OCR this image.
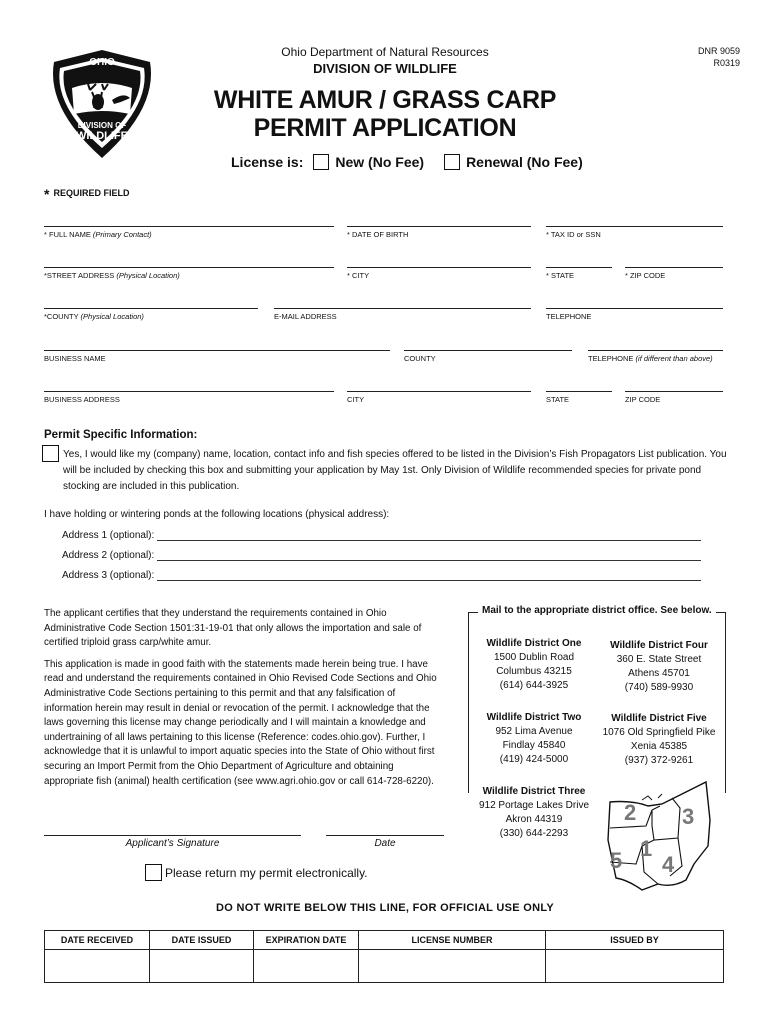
OHIO
DIVISION OF
WILDLIFE
Ohio Department of Natural Resources
DIVISION OF WILDLIFE
DNR 9059
R0319
WHITE AMUR / GRASS CARP
PERMIT APPLICATION
License is: New (No Fee)	Renewal (No Fee)
* REQUIRED FIELD
* FULL NAME (Primary Contact)	* DATE OF BIRTH	* TAX ID or SSN
*STREET ADDRESS (Physical Location)	* CITY	* STATE	* ZIP CODE
*COUNTY (Physical Location)	E-MAIL ADDRESS	TELEPHONE
BUSINESS NAME	COUNTY	TELEPHONE (if different than above)
BUSINESS ADDRESS	CITY	STATE	ZIP CODE
Permit Specific Information:
Yes, I would like my (company) name, location, contact info and fish species offered to be listed in the Division’s Fish Propagators List publication. You will be included by checking this box and submitting your application by May 1st. Only Division of Wildlife recommended species for private pond stocking are included in this publication.
I have holding or wintering ponds at the following locations (physical address):
Address 1 (optional):
Address 2 (optional):
Address 3 (optional):

The applicant certifies that they understand the requirements contained in Ohio Administrative Code Section 1501:31-19-01 that only allows the importation and sale of certified triploid grass carp/white amur.

This application is made in good faith with the statements made herein being true. I have read and understand the requirements contained in Ohio Revised Code Sections and Ohio Administrative Code Sections pertaining to this permit and that any falsification of information herein may result in denial or revocation of the permit. I acknowledge that the laws governing this license may change periodically and I will maintain a knowledge and undertraining of all laws pertaining to this license (Reference: codes.ohio.gov). Further, I acknowledge that it is unlawful to import aquatic species into the State of Ohio without first securing an Import Permit from the Ohio Department of Agriculture and obtaining appropriate fish (animal) health certification (see www.agri.ohio.gov or call 614-728-6220).

Mail to the appropriate district office. See below.
Wildlife District One
1500 Dublin Road
Columbus 43215
(614) 644-3925
Wildlife District Four
360 E. State Street
Athens 45701
(740) 589-9930
Wildlife District Two
952 Lima Avenue
Findlay 45840
(419) 424-5000
Wildlife District Five
1076 Old Springfield Pike
Xenia 45385
(937) 372-9261
Wildlife District Three
912 Portage Lakes Drive
Akron 44319
(330) 644-2293
2 3
1
5 4
Applicant’s Signature	Date
Please return my permit electronically.
DO NOT WRITE BELOW THIS LINE, FOR OFFICIAL USE ONLY
DATE RECEIVED	DATE ISSUED	EXPIRATION DATE	LICENSE NUMBER	ISSUED BY
